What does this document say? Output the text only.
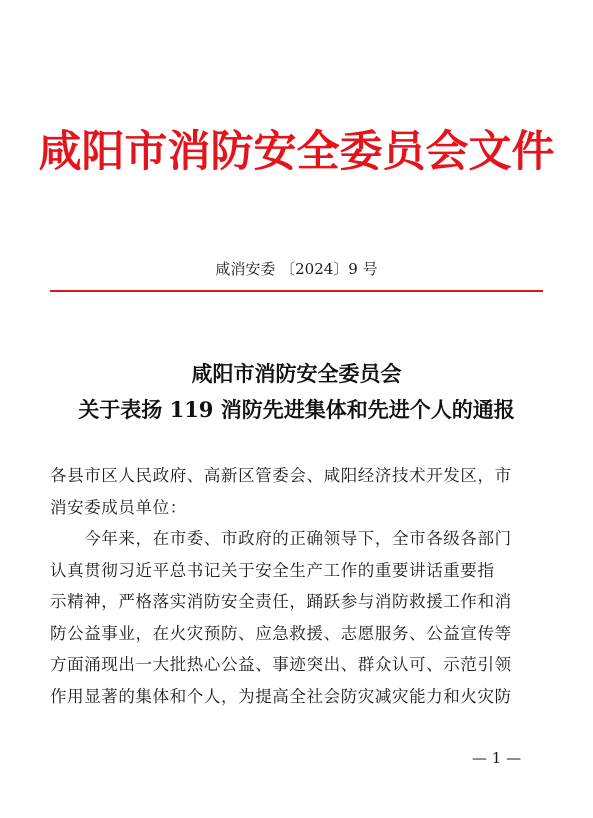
咸阳市消防安全委员会文件
咸消安委 〔2024〕9 号
咸阳市消防安全委员会
关于表扬 119 消防先进集体和先进个人的通报
各县市区人民政府、高新区管委会、咸阳经济技术开发区，市
消安委成员单位：
　　今年来，在市委、市政府的正确领导下，全市各级各部门
认真贯彻习近平总书记关于安全生产工作的重要讲话重要指
示精神，严格落实消防安全责任，踊跃参与消防救援工作和消
防公益事业，在火灾预防、应急救援、志愿服务、公益宣传等
方面涌现出一大批热心公益、事迹突出、群众认可、示范引领
作用显著的集体和个人，为提高全社会防灾减灾能力和火灾防
— 1 —
